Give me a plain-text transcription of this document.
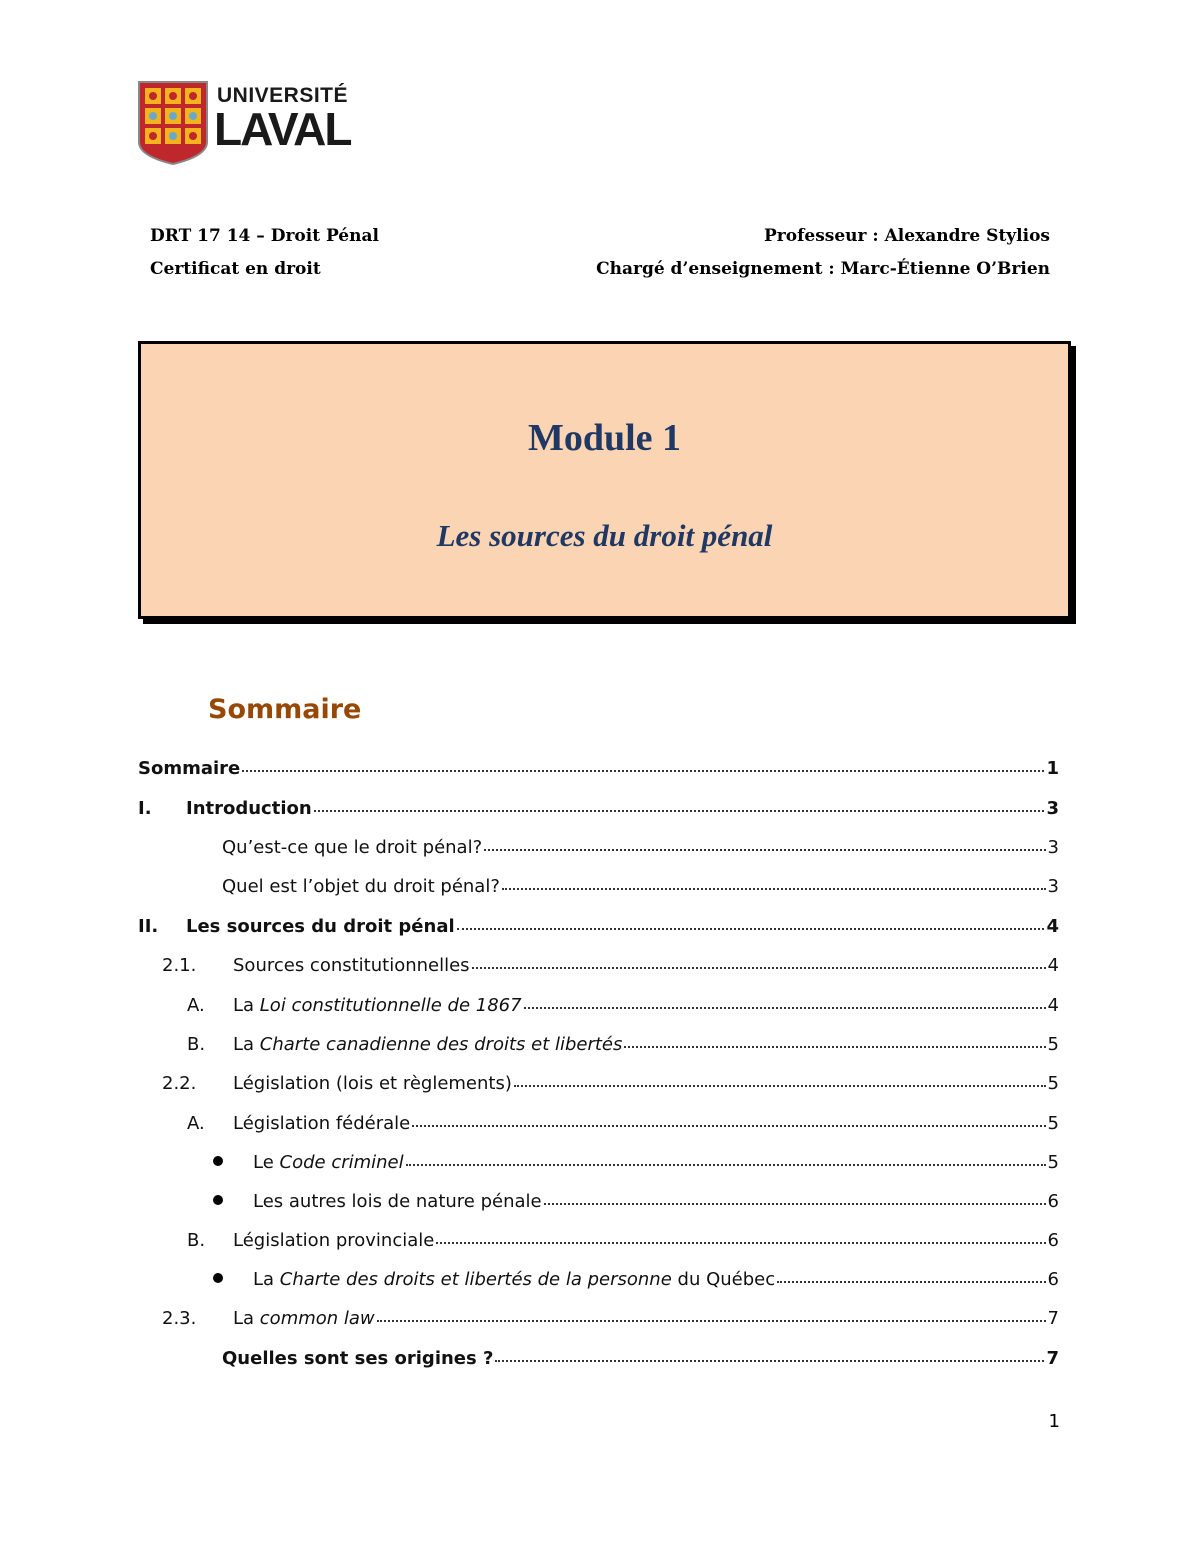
UNIVERSITÉ
LAVAL
DRT 17 14 – Droit Pénal
Certificat en droit
Professeur : Alexandre Stylios
Chargé d’enseignement : Marc-Étienne O’Brien
Module 1
Les sources du droit pénal
Sommaire
Sommaire	1
I.	Introduction	3
Qu’est-ce que le droit pénal?	3
Quel est l’objet du droit pénal?	3
II.	Les sources du droit pénal	4
2.1.	Sources constitutionnelles	4
A.	La Loi constitutionnelle de 1867	4
B.	La Charte canadienne des droits et libertés	5
2.2.	Législation (lois et règlements)	5
A.	Législation fédérale	5
Le Code criminel	5
Les autres lois de nature pénale	6
B.	Législation provinciale	6
La Charte des droits et libertés de la personne du Québec	6
2.3.	La common law	7
Quelles sont ses origines ?	7
1
